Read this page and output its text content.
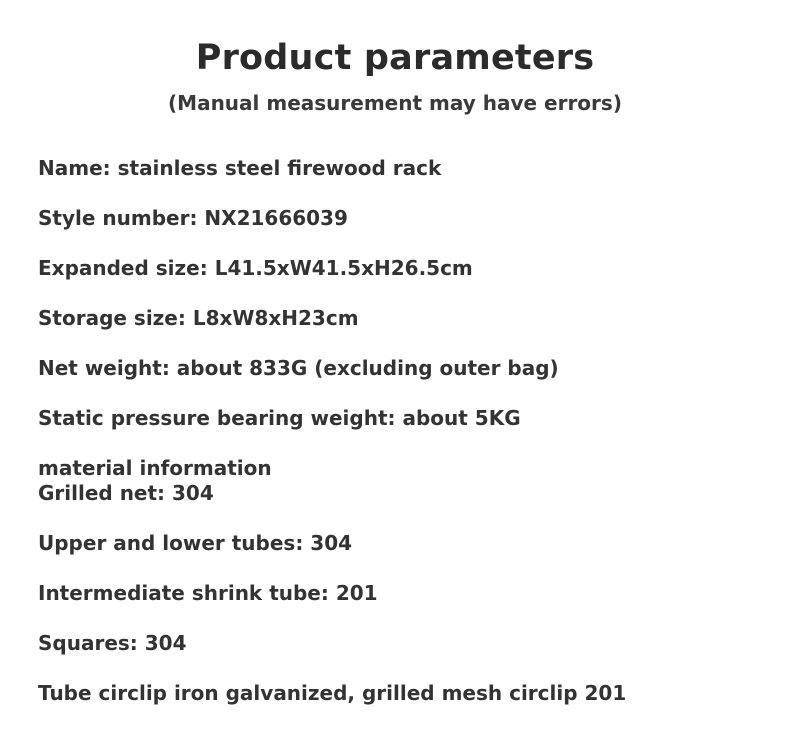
Product parameters

(Manual measurement may have errors)

Name: stainless steel firewood rack
Style number: NX21666039
Expanded size: L41.5xW41.5xH26.5cm
Storage size: L8xW8xH23cm
Net weight: about 833G (excluding outer bag)
Static pressure bearing weight: about 5KG
material information
Grilled net: 304
Upper and lower tubes: 304
Intermediate shrink tube: 201
Squares: 304
Tube circlip iron galvanized, grilled mesh circlip 201
